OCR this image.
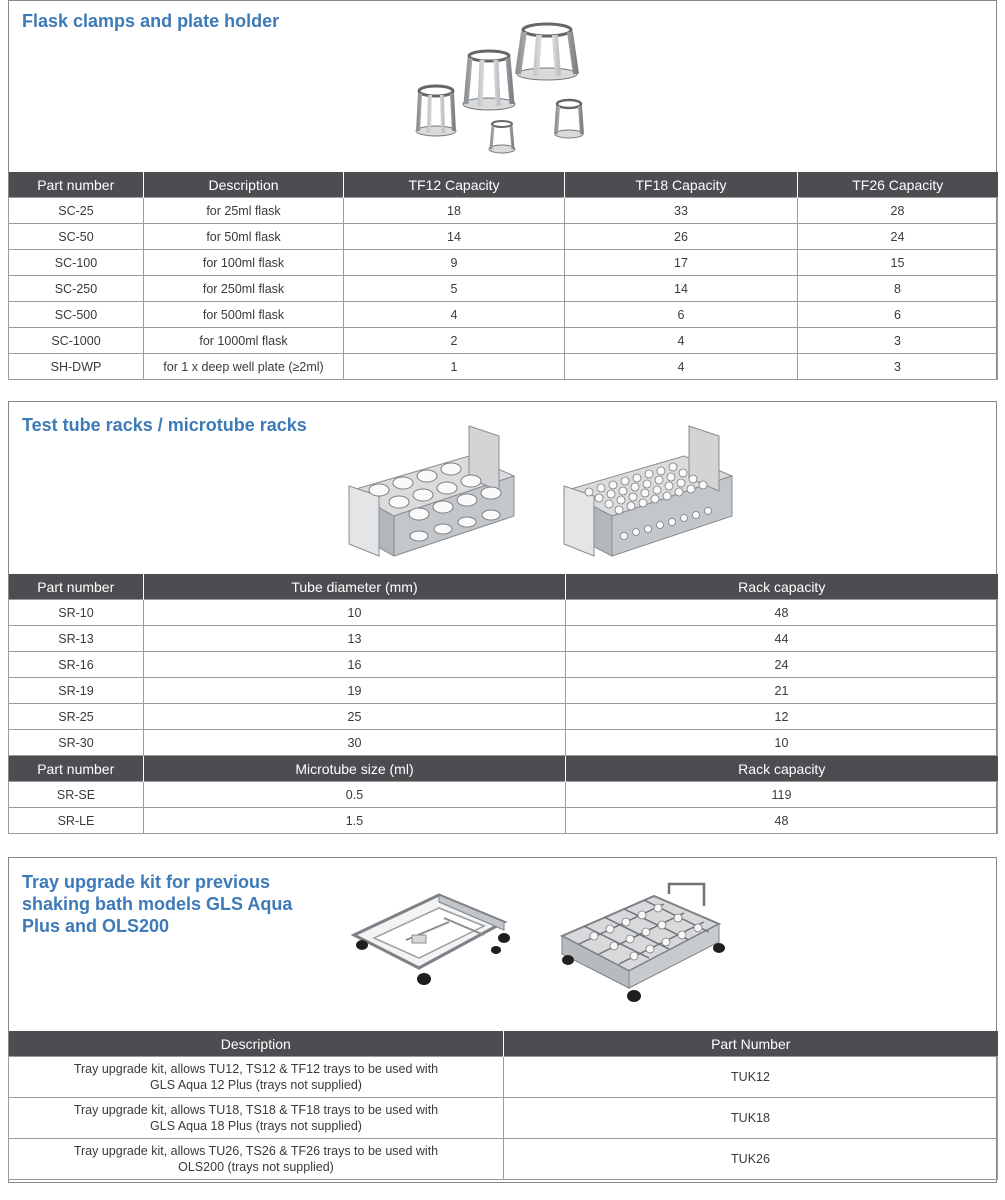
Flask clamps and plate holder
Part number	Description	TF12 Capacity	TF18 Capacity	TF26 Capacity
SC-25	for 25ml flask	18	33	28
SC-50	for 50ml flask	14	26	24
SC-100	for 100ml flask	9	17	15
SC-250	for 250ml flask	5	14	8
SC-500	for 500ml flask	4	6	6
SC-1000	for 1000ml flask	2	4	3
SH-DWP	for 1 x deep well plate (≥2ml)	1	4	3
Test tube racks / microtube racks
Part number	Tube diameter (mm)	Rack capacity
SR-10	10	48
SR-13	13	44
SR-16	16	24
SR-19	19	21
SR-25	25	12
SR-30	30	10
Part number	Microtube size (ml)	Rack capacity
SR-SE	0.5	119
SR-LE	1.5	48
Tray upgrade kit for previous
shaking bath models GLS Aqua
Plus and OLS200
Description	Part Number

Tray upgrade kit, allows TU12, TS12 & TF12 trays to be used with
GLS Aqua 12 Plus (trays not supplied)	TUK12

Tray upgrade kit, allows TU18, TS18 & TF18 trays to be used with
GLS Aqua 18 Plus (trays not supplied)	TUK18

Tray upgrade kit, allows TU26, TS26 & TF26 trays to be used with
OLS200 (trays not supplied)	TUK26
